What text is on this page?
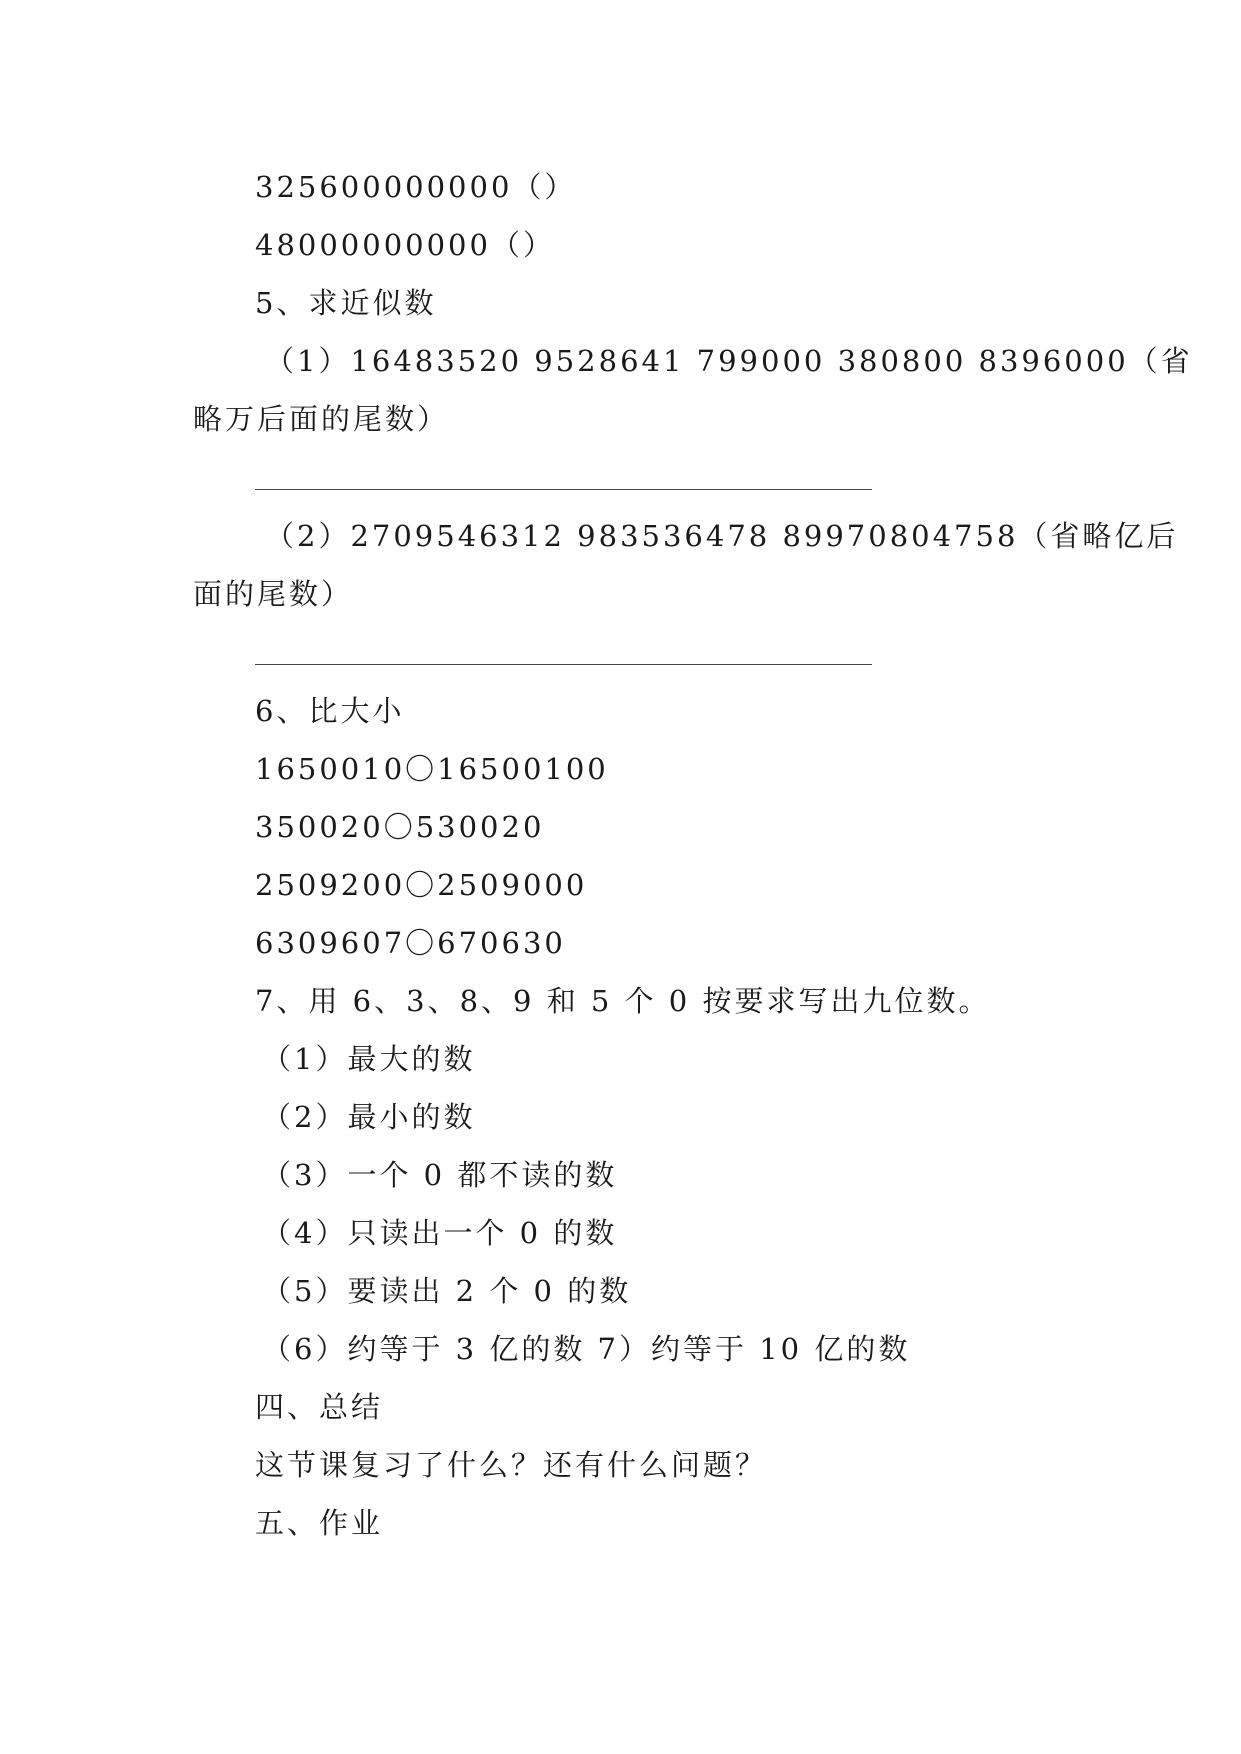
325600000000（）
48000000000（）
5、求近似数
（1）16483520 9528641 799000 380800 8396000（省
略万后面的尾数）
（2）2709546312 983536478 89970804758（省略亿后
面的尾数）
6、比大小
1650010〇16500100
350020〇530020
2509200〇2509000
6309607〇670630
7、用 6、3、8、9 和 5 个 0 按要求写出九位数。
（1）最大的数
（2）最小的数
（3）一个 0 都不读的数
（4）只读出一个 0 的数
（5）要读出 2 个 0 的数
（6）约等于 3 亿的数 7）约等于 10 亿的数
四、总结
这节课复习了什么？还有什么问题？
五、作业
